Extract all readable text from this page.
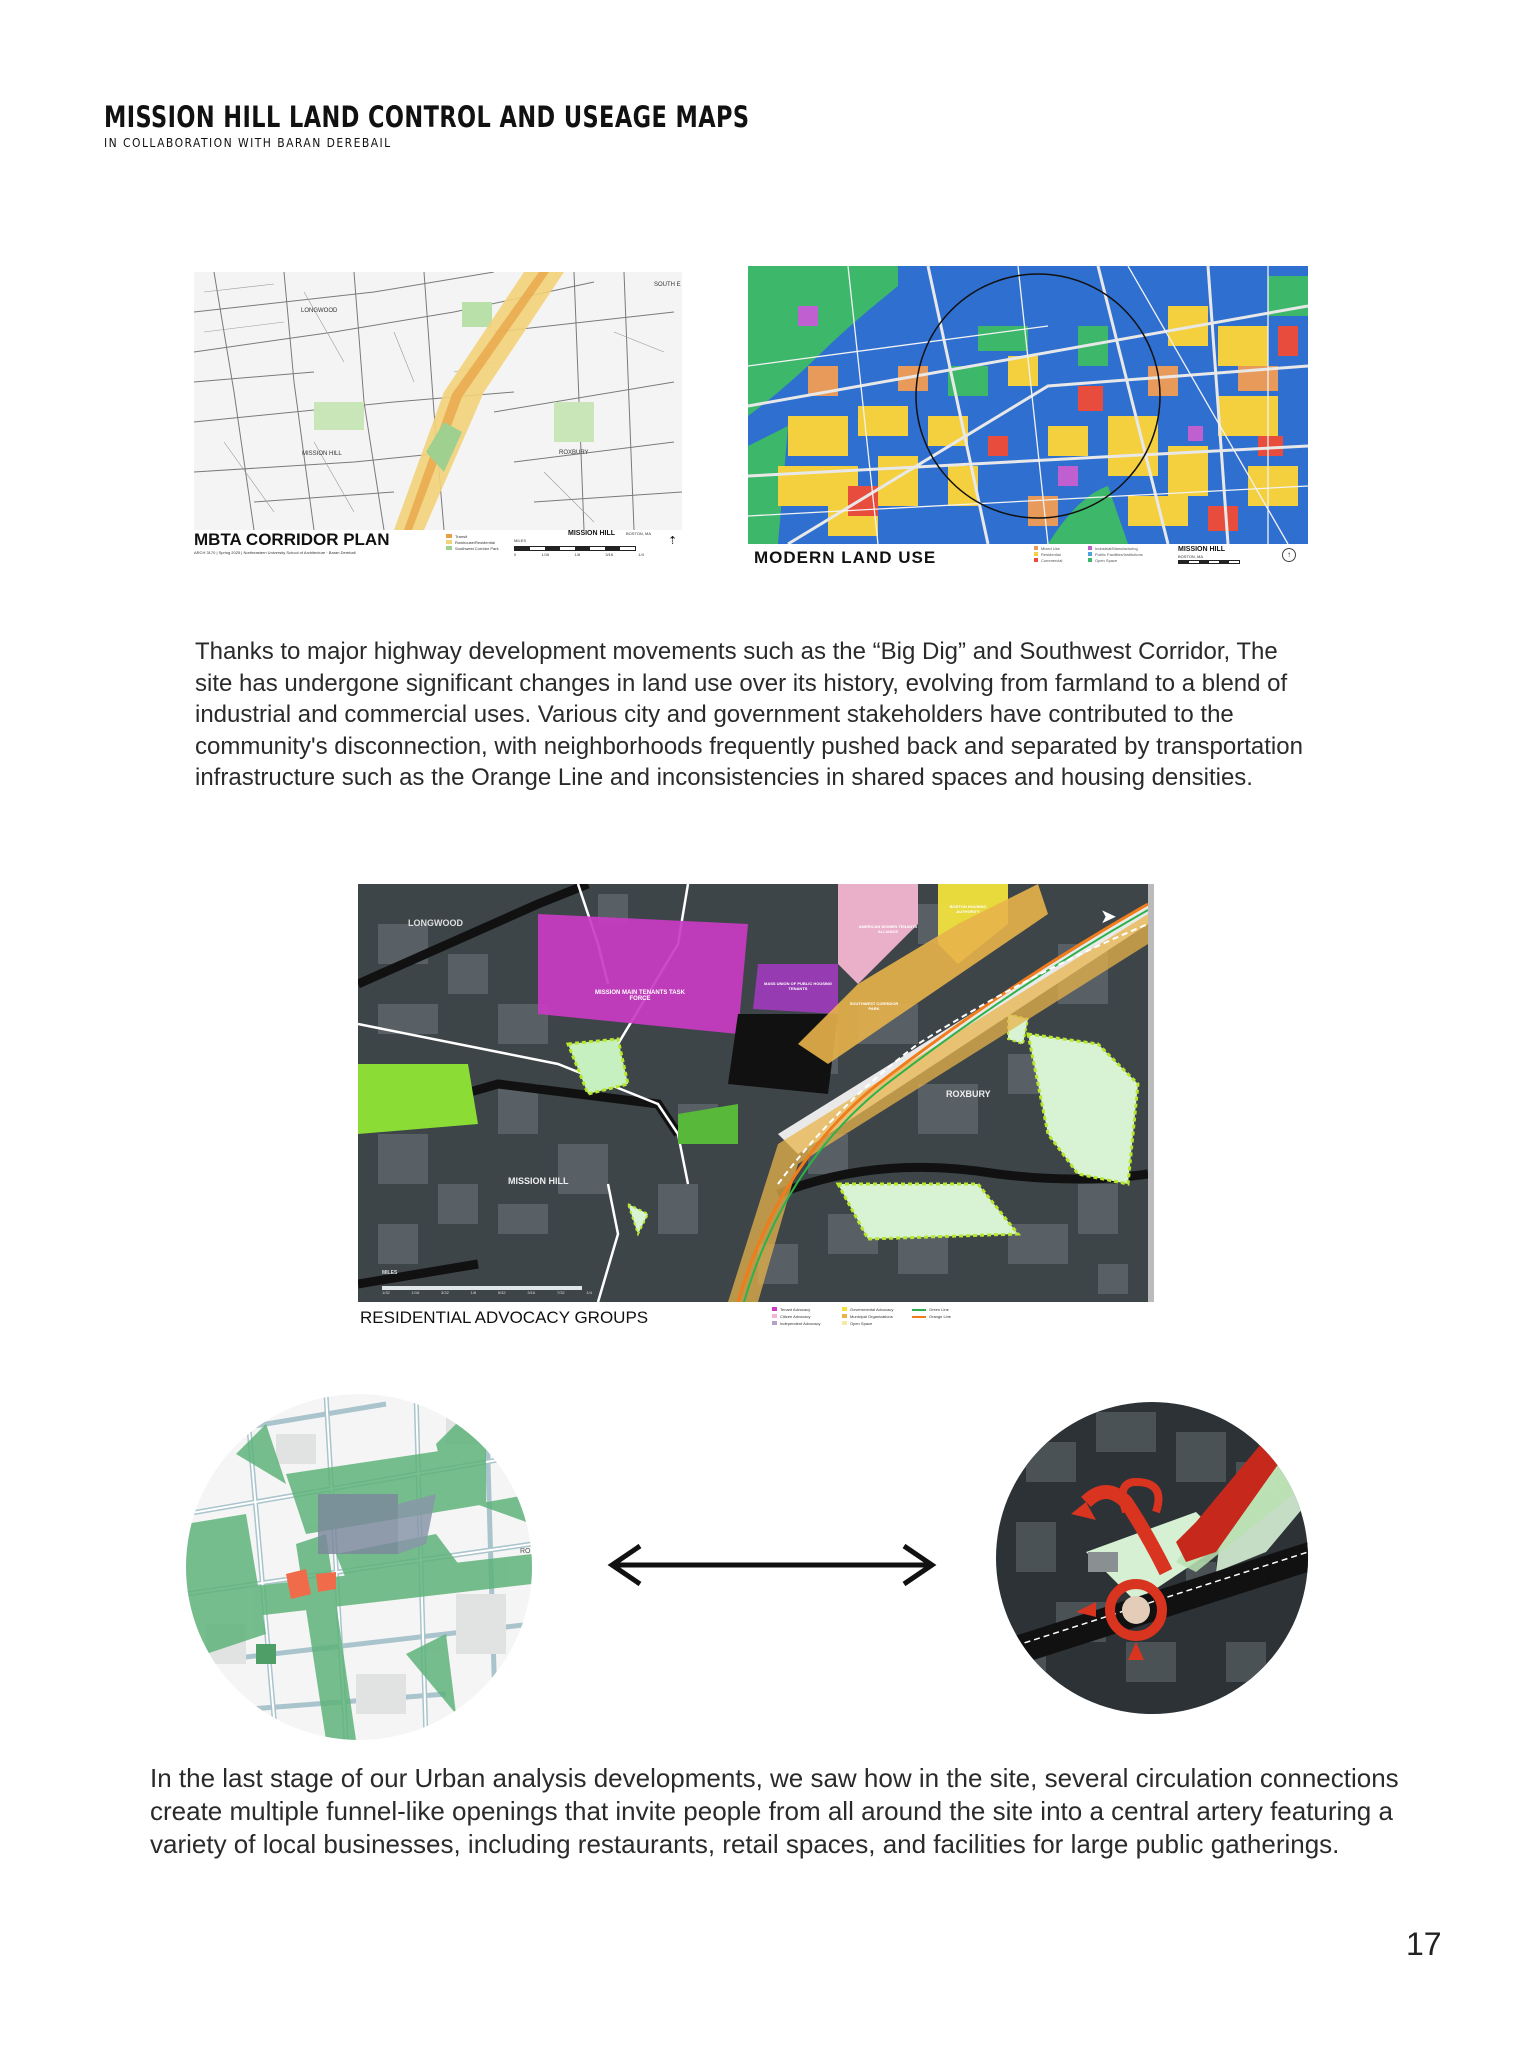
MISSION HILL LAND CONTROL AND USEAGE MAPS
IN COLLABORATION WITH BARAN DEREBAIL
LONGWOOD
MISSION HILL	ROXBURY
SOUTH E
MBTA CORRIDOR PLAN
ARCH 3170 | Spring 2025 | Northeastern University School of Architecture · Baran Derebail
Transit
Rowhouse/Residential
Southwest Corridor Park
MILES
0	1/16	1/8	3/16	1/4
MISSION HILL	BOSTON, MA
⇡
MODERN LAND USE	Mixed Use
Residential
Commercial
Industrial/Manufacturing
Public Facilities/Institutions
Open Space
MISSION HILL
BOSTON, MA	↑
Thanks to major highway development movements such as the “Big Dig” and Southwest Corridor, The site has undergone significant changes in land use over its history, evolving from farmland to a blend of industrial and commercial uses. Various city and government stakeholders have contributed to the community's disconnection, with neighborhoods frequently pushed back and separated by transportation infrastructure such as the Orange Line and inconsistencies in shared spaces and housing densities.
LONGWOOD
MISSION HILL
ROXBURY
MISSION MAIN TENANTS TASK FORCE
MASS UNION OF PUBLIC HOUSING TENANTS
AMERICAN WOMEN TENANTS ALLIANCE
BOSTON HOUSING AUTHORITY
SOUTHWEST CORRIDOR PARK
MILES
1/32	1/16	3/32	1/8	5/32	3/16	7/32	1/4
➤
RESIDENTIAL ADVOCACY GROUPS	Tenant Advocacy
Citizen Advocacy
Independent Advocacy
Governmental Advocacy
Municipal Organizations
Open Space
Green Line
Orange Line
RO
In the last stage of our Urban analysis developments, we saw how in the site, several circulation connections create multiple funnel-like openings that invite people from all around the site into a central artery featuring a variety of local businesses, including restaurants, retail spaces, and facilities for large public gatherings.
17
